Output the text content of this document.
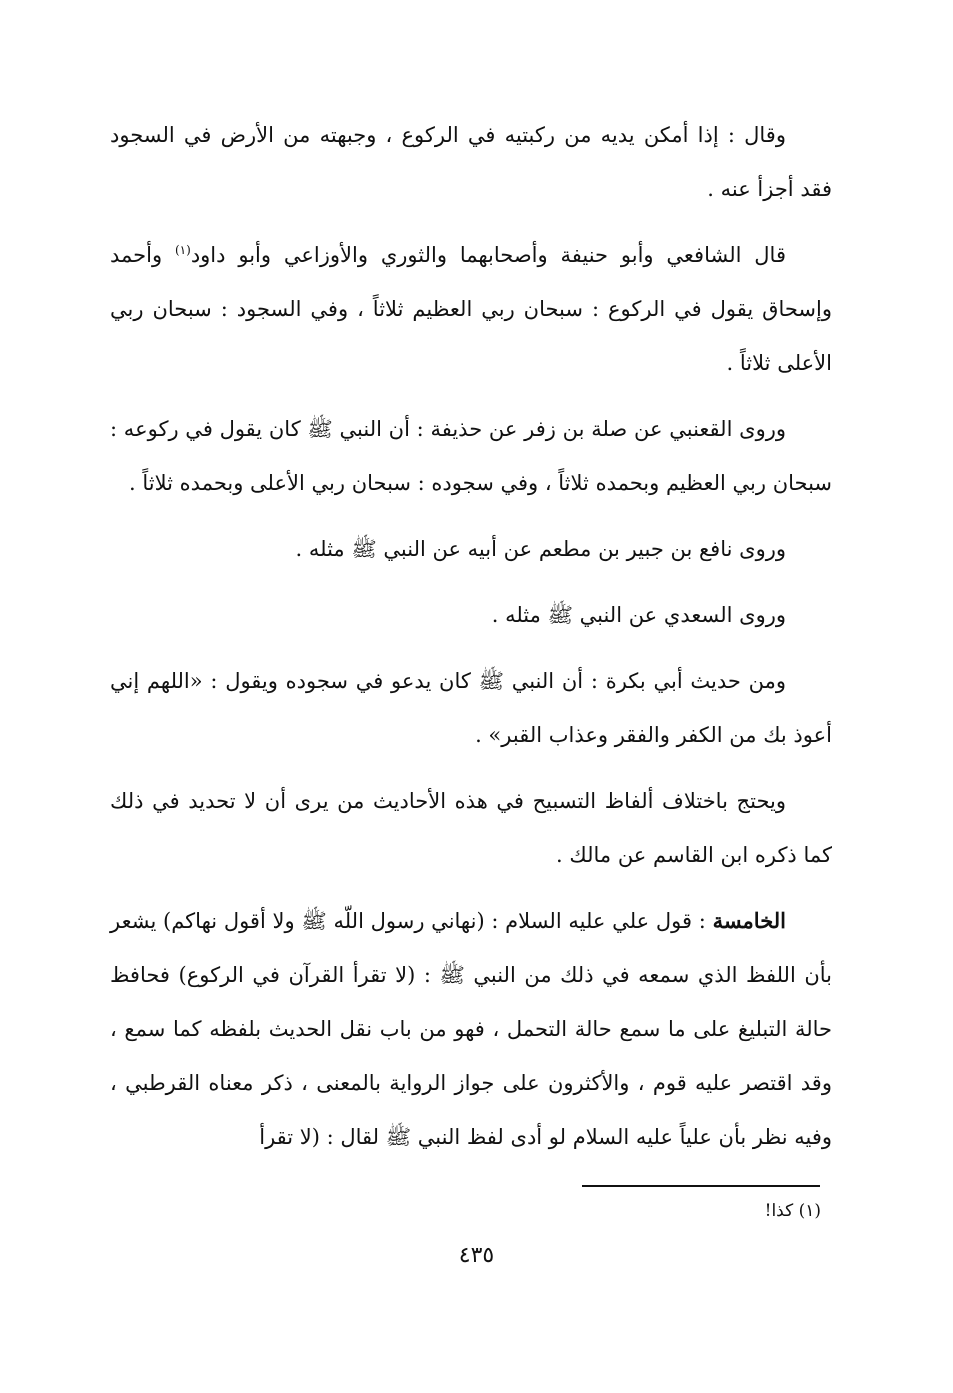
وقال : إذا أمكن يديه من ركبتيه في الركوع ، وجبهته من الأرض في السجود فقد أجزأ عنه .

قال الشافعي وأبو حنيفة وأصحابهما والثوري والأوزاعي وأبو داود$^{(١)}$ وأحمد وإسحاق يقول في الركوع : سبحان ربي العظيم ثلاثاً ، وفي السجود : سبحان ربي الأعلى ثلاثاً .

وروى القعنبي عن صلة بن زفر عن حذيفة : أن النبي ﷺ كان يقول في ركوعه : سبحان ربي العظيم وبحمده ثلاثاً ، وفي سجوده : سبحان ربي الأعلى وبحمده ثلاثاً .

وروى نافع بن جبير بن مطعم عن أبيه عن النبي ﷺ مثله .

وروى السعدي عن النبي ﷺ مثله .

ومن حديث أبي بكرة : أن النبي ﷺ كان يدعو في سجوده ويقول : «اللهم إني أعوذ بك من الكفر والفقر وعذاب القبر» .

ويحتج باختلاف ألفاظ التسبيح في هذه الأحاديث من يرى أن لا تحديد في ذلك كما ذكره ابن القاسم عن مالك .

الخامسة : قول علي عليه السلام : (نهاني رسول اللّه ﷺ ولا أقول نهاكم) يشعر بأن اللفظ الذي سمعه في ذلك من النبي ﷺ : (لا تقرأ القرآن في الركوع) فحافظ حالة التبليغ على ما سمع حالة التحمل ، فهو من باب نقل الحديث بلفظه كما سمع ، وقد اقتصر عليه قوم ، والأكثرون على جواز الرواية بالمعنى ، ذكر معناه القرطبي ، وفيه نظر بأن علياً عليه السلام لو أدى لفظ النبي ﷺ لقال : (لا تقرأ

(١) كذا!
٤٣٥
